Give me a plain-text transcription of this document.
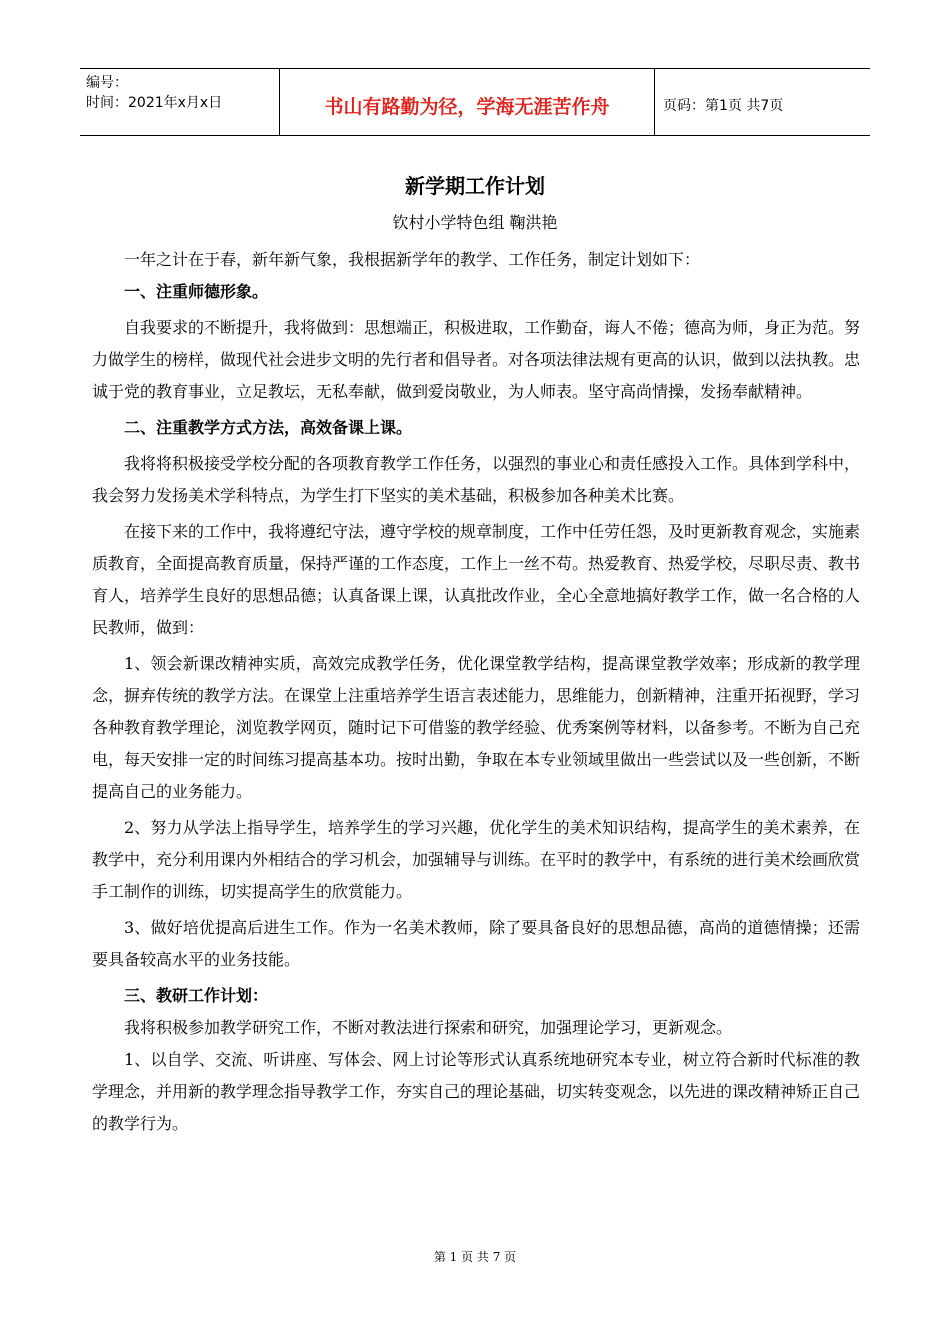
编号：
时间：2021年x月x日	书山有路勤为径，学海无涯苦作舟	页码：第1页 共7页
新学期工作计划
钦村小学特色组 鞠洪艳

一年之计在于春，新年新气象，我根据新学年的教学、工作任务，制定计划如下：

一、注重师德形象。

自我要求的不断提升，我将做到：思想端正，积极进取，工作勤奋，诲人不倦；德高为师，身正为范。努力做学生的榜样，做现代社会进步文明的先行者和倡导者。对各项法律法规有更高的认识，做到以法执教。忠诚于党的教育事业，立足教坛，无私奉献，做到爱岗敬业，为人师表。坚守高尚情操，发扬奉献精神。

二、注重教学方式方法，高效备课上课。

我将将积极接受学校分配的各项教育教学工作任务，以强烈的事业心和责任感投入工作。具体到学科中，我会努力发扬美术学科特点，为学生打下坚实的美术基础，积极参加各种美术比赛。

在接下来的工作中，我将遵纪守法，遵守学校的规章制度，工作中任劳任怨，及时更新教育观念，实施素质教育，全面提高教育质量，保持严谨的工作态度，工作上一丝不苟。热爱教育、热爱学校，尽职尽责、教书育人，培养学生良好的思想品德；认真备课上课，认真批改作业，全心全意地搞好教学工作，做一名合格的人民教师，做到：

1、领会新课改精神实质，高效完成教学任务，优化课堂教学结构，提高课堂教学效率；形成新的教学理念，摒弃传统的教学方法。在课堂上注重培养学生语言表述能力，思维能力，创新精神，注重开拓视野，学习各种教育教学理论，浏览教学网页，随时记下可借鉴的教学经验、优秀案例等材料，以备参考。不断为自己充电，每天安排一定的时间练习提高基本功。按时出勤，争取在本专业领域里做出一些尝试以及一些创新，不断提高自己的业务能力。

2、努力从学法上指导学生，培养学生的学习兴趣，优化学生的美术知识结构，提高学生的美术素养，在教学中，充分利用课内外相结合的学习机会，加强辅导与训练。在平时的教学中，有系统的进行美术绘画欣赏手工制作的训练，切实提高学生的欣赏能力。

3、做好培优提高后进生工作。作为一名美术教师，除了要具备良好的思想品德，高尚的道德情操；还需要具备较高水平的业务技能。

三、教研工作计划：

我将积极参加教学研究工作，不断对教法进行探索和研究，加强理论学习，更新观念。

1、以自学、交流、听讲座、写体会、网上讨论等形式认真系统地研究本专业，树立符合新时代标准的教学理念，并用新的教学理念指导教学工作，夯实自己的理论基础，切实转变观念，以先进的课改精神矫正自己的教学行为。

第 1 页 共 7 页
